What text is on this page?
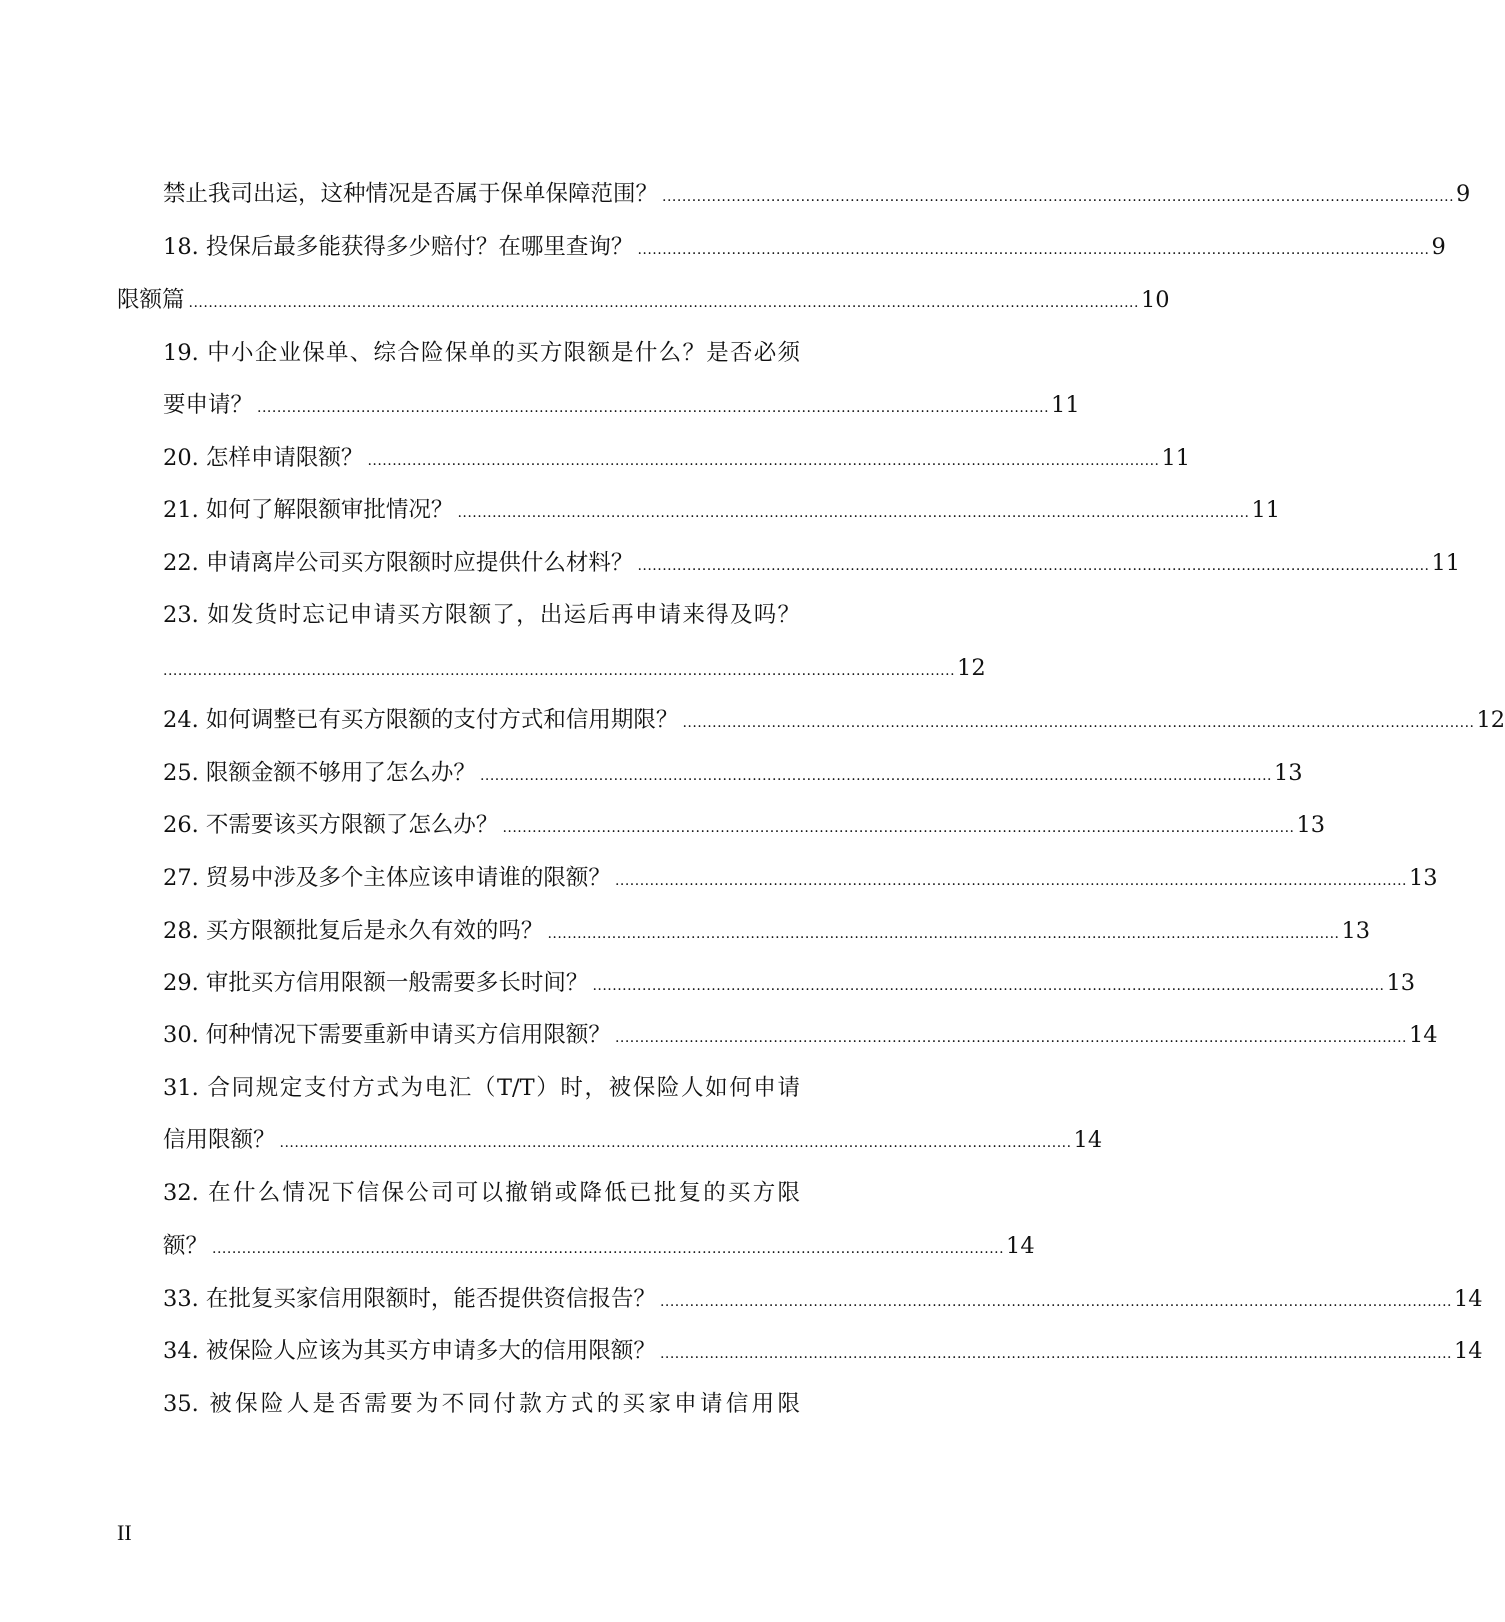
禁止我司出运，这种情况是否属于保单保障范围？ ................................................................................................................................................................ 9
18. 投保后最多能获得多少赔付？在哪里查询？ ................................................................................................................................................................ 9
限额篇 ................................................................................................................................................................................................ 10
19. 中小企业保单、综合险保单的买方限额是什么？是否必须
要申请？ ................................................................................................................................................................ 11
20. 怎样申请限额？ ................................................................................................................................................................ 11
21. 如何了解限额审批情况？ ................................................................................................................................................................ 11
22. 申请离岸公司买方限额时应提供什么材料？ ................................................................................................................................................................ 11
23. 如发货时忘记申请买方限额了，出运后再申请来得及吗？
................................................................................................................................................................ 12
24. 如何调整已有买方限额的支付方式和信用期限？ ................................................................................................................................................................ 12
25. 限额金额不够用了怎么办？ ................................................................................................................................................................ 13
26. 不需要该买方限额了怎么办？ ................................................................................................................................................................ 13
27. 贸易中涉及多个主体应该申请谁的限额？ ................................................................................................................................................................ 13
28. 买方限额批复后是永久有效的吗？ ................................................................................................................................................................ 13
29. 审批买方信用限额一般需要多长时间？ ................................................................................................................................................................ 13
30. 何种情况下需要重新申请买方信用限额？ ................................................................................................................................................................ 14
31. 合同规定支付方式为电汇（T/T）时，被保险人如何申请
信用限额？ ................................................................................................................................................................ 14
32. 在什么情况下信保公司可以撤销或降低已批复的买方限
额？ ................................................................................................................................................................ 14
33. 在批复买家信用限额时，能否提供资信报告？ ................................................................................................................................................................ 14
34. 被保险人应该为其买方申请多大的信用限额？ ................................................................................................................................................................ 14
35. 被保险人是否需要为不同付款方式的买家申请信用限
II
